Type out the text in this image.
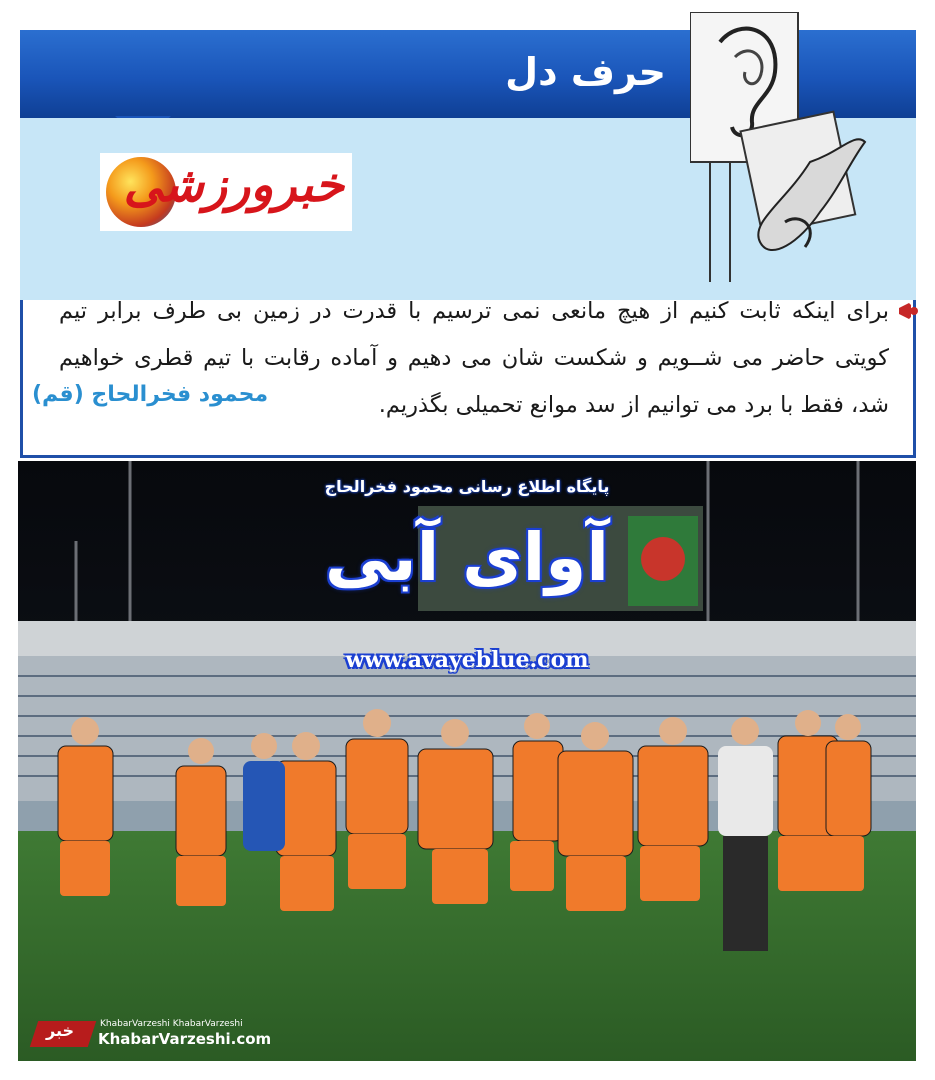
حرف دل
خبرورزشی
برای اینکه ثابت کنیم از هیچ مانعی نمی ترسیم با قدرت در زمین بی طرف برابر تیم کویتی حاضر می شــویم و شکست شان می دهیم و آماده رقابت با تیم قطری خواهیم شد، فقط با برد می توانیم از سد موانع تحمیلی بگذریم.
محمود فخرالحاج (قم)
پایگاه اطلاع رسانی محمود فخرالحاج
آوای آبی
www.avayeblue.com
خبر	KhabarVarzeshi KhabarVarzeshi
KhabarVarzeshi.com
